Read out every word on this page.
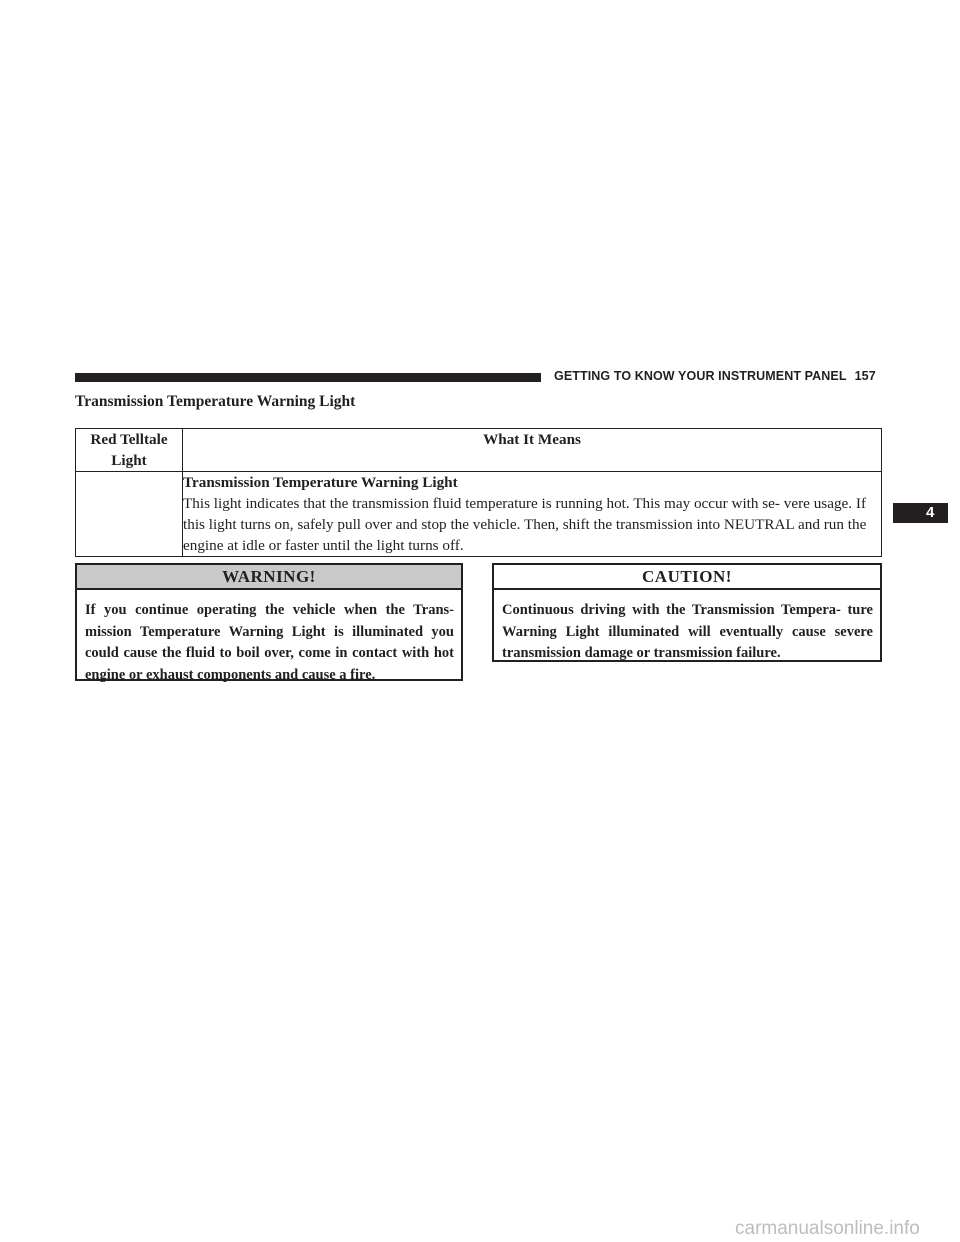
GETTING TO KNOW YOUR INSTRUMENT PANEL 157
Transmission Temperature Warning Light
Red Telltale
Light	What It Means

	Transmission Temperature Warning Light
This light indicates that the transmission fluid temperature is running hot. This may occur with se- vere usage. If this light turns on, safely pull over and stop the vehicle. Then, shift the transmission into NEUTRAL and run the engine at idle or faster until the light turns off.
WARNING!
If you continue operating the vehicle when the Trans- mission Temperature Warning Light is illuminated you could cause the fluid to boil over, come in contact with hot engine or exhaust components and cause a fire.
CAUTION!
Continuous driving with the Transmission Tempera- ture Warning Light illuminated will eventually cause severe transmission damage or transmission failure.
4
carmanualsonline.info
